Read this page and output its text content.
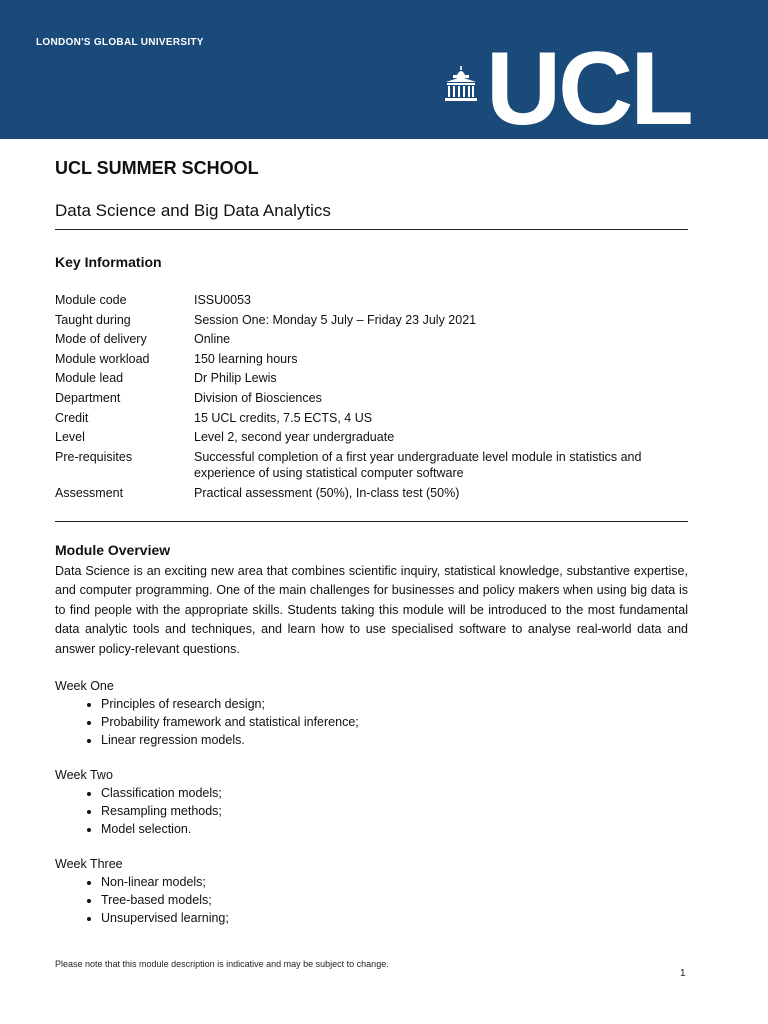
LONDON'S GLOBAL UNIVERSITY	UCL
UCL SUMMER SCHOOL
Data Science and Big Data Analytics
Key Information
Module code	ISSU0053
Taught during	Session One: Monday 5 July – Friday 23 July 2021
Mode of delivery	Online
Module workload	150 learning hours
Module lead	Dr Philip Lewis
Department	Division of Biosciences
Credit	15 UCL credits, 7.5 ECTS, 4 US
Level	Level 2, second year undergraduate
Pre-requisites	Successful completion of a first year undergraduate level module in statistics and experience of using statistical computer software
Assessment	Practical assessment (50%), In-class test (50%)
Module Overview

Data Science is an exciting new area that combines scientific inquiry, statistical knowledge, substantive expertise, and computer programming. One of the main challenges for businesses and policy makers when using big data is to find people with the appropriate skills. Students taking this module will be introduced to the most fundamental data analytic tools and techniques, and learn how to use specialised software to analyse real-world data and answer policy-relevant questions.

Week One
• Principles of research design;
• Probability framework and statistical inference;
• Linear regression models.
Week Two
• Classification models;
• Resampling methods;
• Model selection.
Week Three
• Non-linear models;
• Tree-based models;
• Unsupervised learning;
Please note that this module description is indicative and may be subject to change.
1
